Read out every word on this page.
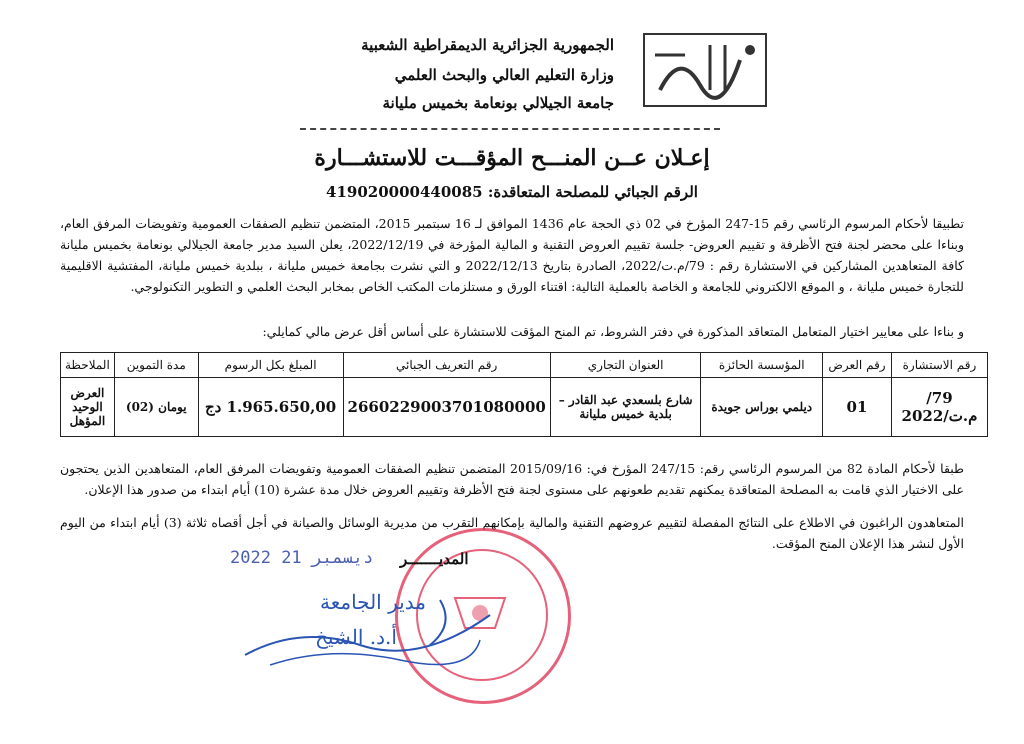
الجمهورية الجزائرية الديمقراطية الشعبية
وزارة التعليم العالي والبحث العلمي
جامعة الجيلالي بونعامة بخميس مليانة
إعـلان عــن المنـــح المؤقـــت للاستشـــارة
الرقم الجبائي للمصلحة المتعاقدة: 419020000440085
تطبيقا لأحكام المرسوم الرئاسي رقم 15-247 المؤرخ في 02 ذي الحجة عام 1436 الموافق لـ 16 سبتمبر 2015، المتضمن تنظيم الصفقات العمومية وتفويضات المرفق العام، وبناءا على محضر لجنة فتح الأظرفة و تقييم العروض- جلسة تقييم العروض التقنية و المالية المؤرخة في 2022/12/19، يعلن السيد مدير جامعة الجيلالي بونعامة بخميس مليانة كافة المتعاهدين المشاركين في الاستشارة رقم : 79/م.ت/2022، الصادرة بتاريخ 2022/12/13 و التي نشرت بجامعة خميس مليانة ، ببلدية خميس مليانة، المفتشية الاقليمية للتجارة خميس مليانة ، و الموقع الالكتروني للجامعة و الخاصة بالعملية التالية: اقتناء الورق و مستلزمات المكتب الخاص بمخابر البحث العلمي و التطوير التكنولوجي.
و بناءا على معايير اختيار المتعامل المتعاقد المذكورة في دفتر الشروط، تم المنح المؤقت للاستشارة على أساس أقل عرض مالي كمايلي:
رقم الاستشارة	رقم العرض	المؤسسة الحائزة	العنوان التجاري	رقم التعريف الجبائي	المبلغ بكل الرسوم	مدة التموين	الملاحظة
79/م.ت/2022	01	ديلمي بوراس جويدة	شارع بلسعدي عبد القادر – بلدية خميس مليانة	2660229003701080000	1.965.650,00 دج	يومان (02)	العرض الوحيد المؤهل
طبقا لأحكام المادة 82 من المرسوم الرئاسي رقم: 247/15 المؤرخ في: 2015/09/16 المتضمن تنظيم الصفقات العمومية وتفويضات المرفق العام، المتعاهدين الذين يحتجون على الاختيار الذي قامت به المصلحة المتعاقدة يمكنهم تقديم طعونهم على مستوى لجنة فتح الأظرفة وتقييم العروض خلال مدة عشرة (10) أيام ابتداء من صدور هذا الإعلان.
المتعاهدون الراغبون في الاطلاع على النتائج المفصلة لتقييم عروضهم التقنية والمالية بإمكانهم التقرب من مديرية الوسائل والصيانة في أجل أقصاه ثلاثة (3) أيام ابتداء من اليوم الأول لنشر هذا الإعلان المنح المؤقت.
2022 ديسمبر 21 المديـــــــر
مدير الجامعة
أ.د. الشيخ
